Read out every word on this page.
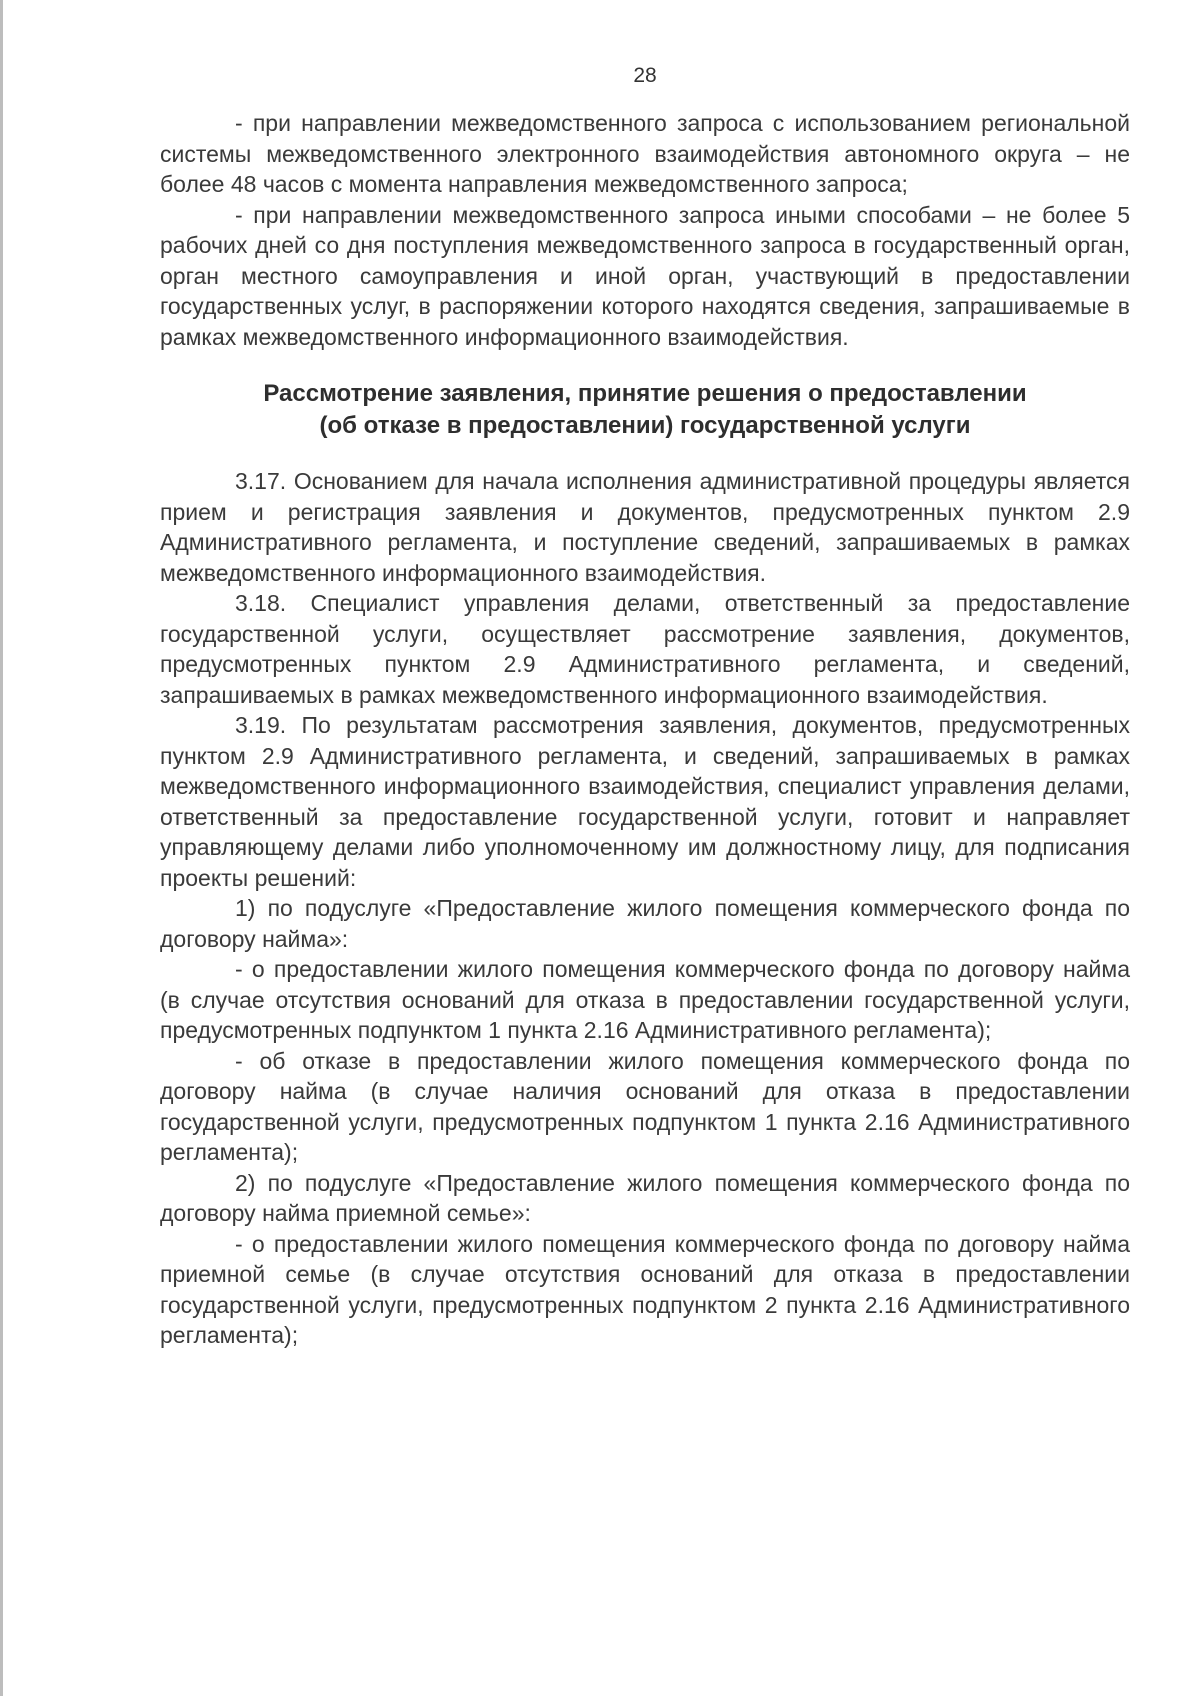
28

- при направлении межведомственного запроса с использованием региональной системы межведомственного электронного взаимодействия автономного округа – не более 48 часов с момента направления межведомственного запроса;

- при направлении межведомственного запроса иными способами – не более 5 рабочих дней со дня поступления межведомственного запроса в государственный орган, орган местного самоуправления и иной орган, участвующий в предоставлении государственных услуг, в распоряжении которого находятся сведения, запрашиваемые в рамках межведомственного информационного взаимодействия.

Рассмотрение заявления, принятие решения о предоставлении
(об отказе в предоставлении) государственной услуги

3.17. Основанием для начала исполнения административной процедуры является прием и регистрация заявления и документов, предусмотренных пунктом 2.9 Административного регламента, и поступление сведений, запрашиваемых в рамках межведомственного информационного взаимодействия.

3.18. Специалист управления делами, ответственный за предоставление государственной услуги, осуществляет рассмотрение заявления, документов, предусмотренных пунктом 2.9 Административного регламента, и сведений, запрашиваемых в рамках межведомственного информационного взаимодействия.

3.19. По результатам рассмотрения заявления, документов, предусмотренных пунктом 2.9 Административного регламента, и сведений, запрашиваемых в рамках межведомственного информационного взаимодействия, специалист управления делами, ответственный за предоставление государственной услуги, готовит и направляет управляющему делами либо уполномоченному им должностному лицу, для подписания проекты решений:

1) по подуслуге «Предоставление жилого помещения коммерческого фонда по договору найма»:

- о предоставлении жилого помещения коммерческого фонда по договору найма (в случае отсутствия оснований для отказа в предоставлении государственной услуги, предусмотренных подпунктом 1 пункта 2.16 Административного регламента);

- об отказе в предоставлении жилого помещения коммерческого фонда по договору найма (в случае наличия оснований для отказа в предоставлении государственной услуги, предусмотренных подпунктом 1 пункта 2.16 Административного регламента);

2) по подуслуге «Предоставление жилого помещения коммерческого фонда по договору найма приемной семье»:

- о предоставлении жилого помещения коммерческого фонда по договору найма приемной семье (в случае отсутствия оснований для отказа в предоставлении государственной услуги, предусмотренных подпунктом 2 пункта 2.16 Административного регламента);
